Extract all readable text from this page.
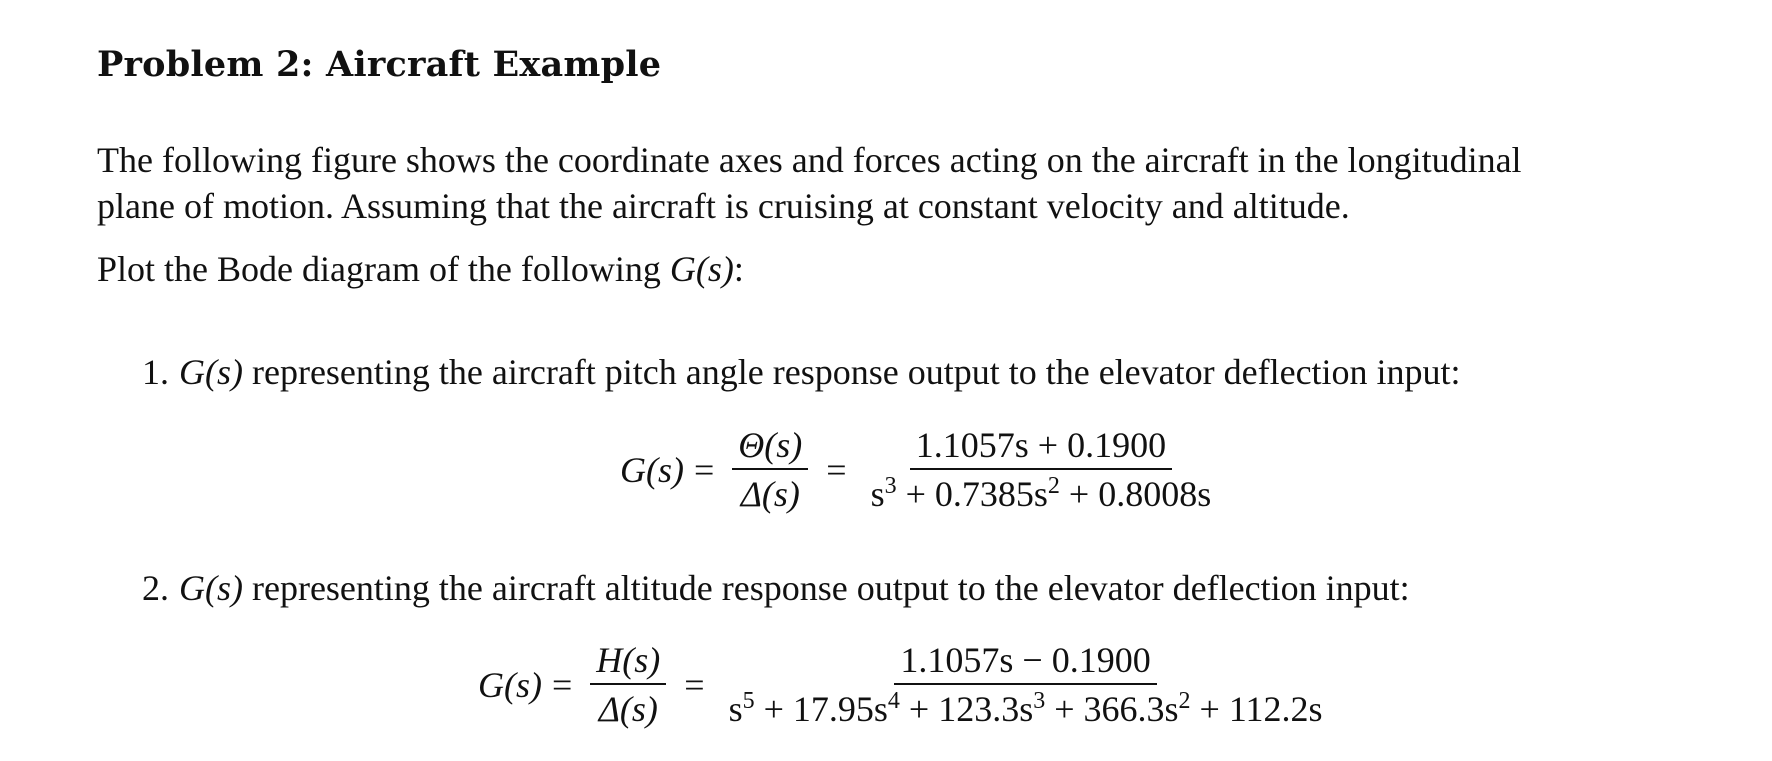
Problem 2: Aircraft Example
The following figure shows the coordinate axes and forces acting on the aircraft in the longitudinal
plane of motion. Assuming that the aircraft is cruising at constant velocity and altitude.
Plot the Bode diagram of the following G(s):
1. G(s) representing the aircraft pitch angle response output to the elevator deflection input:
$G(s) = \frac{\Theta(s)}{\Delta(s)} = \frac{1.1057s + 0.1900}{s^3 + 0.7385s^2 + 0.8008s}$
2. G(s) representing the aircraft altitude response output to the elevator deflection input:
$G(s) = \frac{H(s)}{\Delta(s)} = \frac{1.1057s - 0.1900}{s^5 + 17.95s^4 + 123.3s^3 + 366.3s^2 + 112.2s}$
